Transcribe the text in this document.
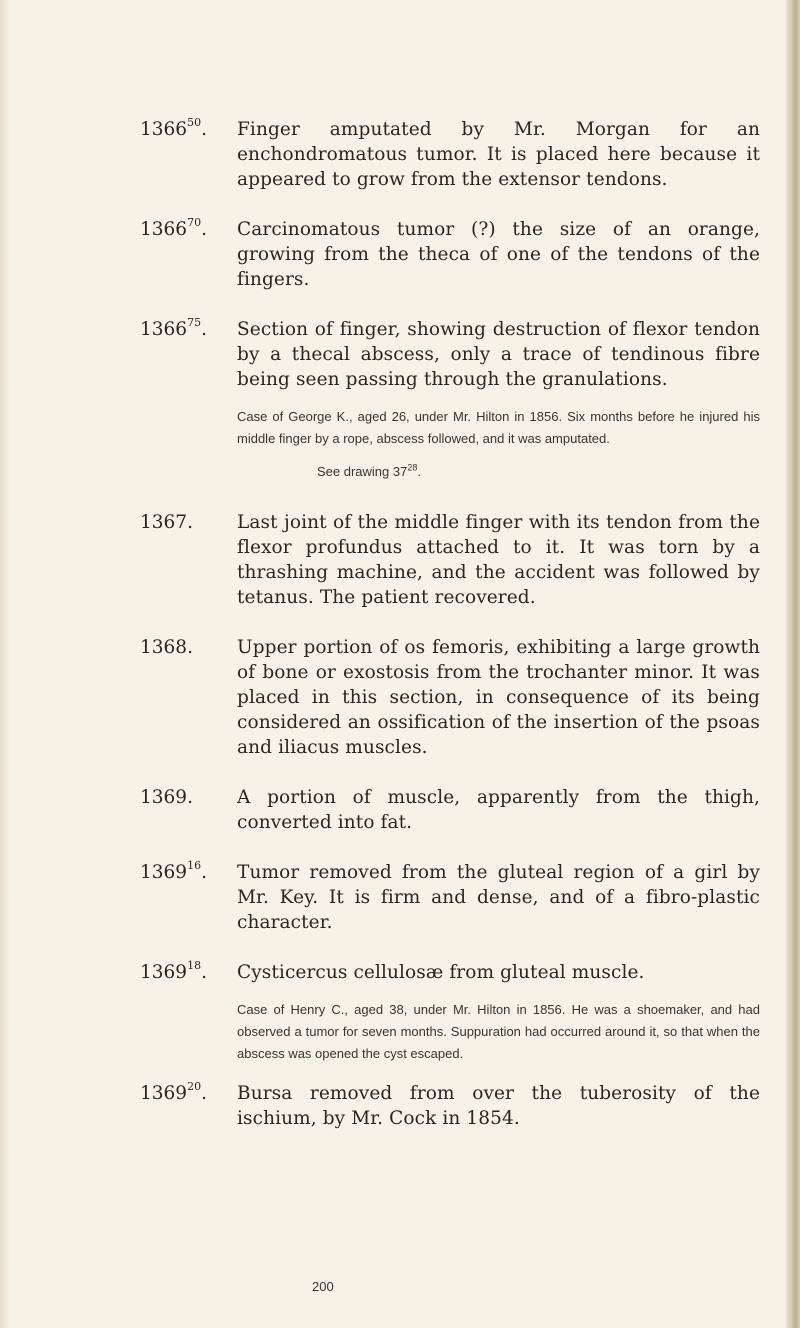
1366$^{50}$. Finger amputated by Mr. Morgan for an enchondromatous tumor. It is placed here because it appeared to grow from the extensor tendons.
1366$^{70}$. Carcinomatous tumor (?) the size of an orange, growing from the theca of one of the tendons of the fingers.
1366$^{75}$. Section of finger, showing destruction of flexor tendon by a thecal abscess, only a trace of tendinous fibre being seen passing through the granulations.
Case of George K., aged 26, under Mr. Hilton in 1856. Six months before he injured his middle finger by a rope, abscess followed, and it was amputated.
See drawing $37^{28}$.
1367. Last joint of the middle finger with its tendon from the flexor profundus attached to it. It was torn by a thrashing machine, and the accident was followed by tetanus. The patient recovered.
1368. Upper portion of os femoris, exhibiting a large growth of bone or exostosis from the trochanter minor. It was placed in this section, in consequence of its being considered an ossification of the insertion of the psoas and iliacus muscles.
1369. A portion of muscle, apparently from the thigh, converted into fat.
1369$^{16}$. Tumor removed from the gluteal region of a girl by Mr. Key. It is firm and dense, and of a fibro-plastic character.
1369$^{18}$. Cysticercus cellulosæ from gluteal muscle.
Case of Henry C., aged 38, under Mr. Hilton in 1856. He was a shoemaker, and had observed a tumor for seven months. Suppuration had occurred around it, so that when the abscess was opened the cyst escaped.
1369$^{20}$. Bursa removed from over the tuberosity of the ischium, by Mr. Cock in 1854.
200
